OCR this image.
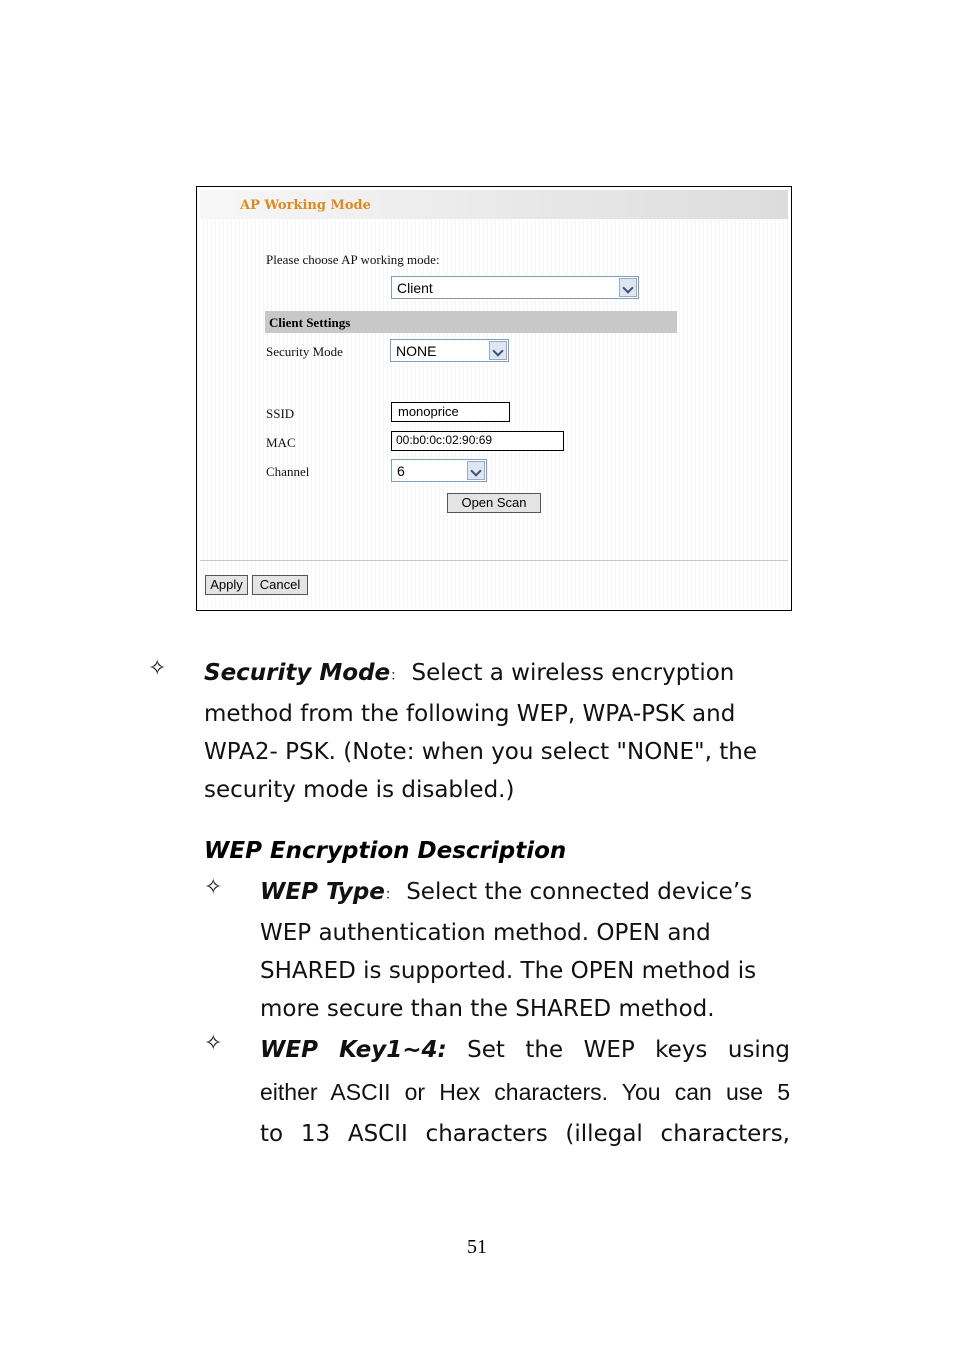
AP Working Mode
Please choose AP working mode:
Client
Client Settings
Security Mode	NONE
SSID	monoprice
MAC	00:b0:0c:02:90:69
Channel	6
Open Scan
Apply	Cancel
✧ Security Mode： Select a wireless encryption
method from the following WEP, WPA-PSK and
WPA2- PSK. (Note: when you select "NONE", the
security mode is disabled.)
WEP Encryption Description
✧ WEP Type： Select the connected device’s
WEP authentication method. OPEN and
SHARED is supported. The OPEN method is
more secure than the SHARED method.
✧ WEP Key1~4: Set the WEP keys using
either ASCII or Hex characters. You can use 5
to 13 ASCII characters (illegal characters,
51
